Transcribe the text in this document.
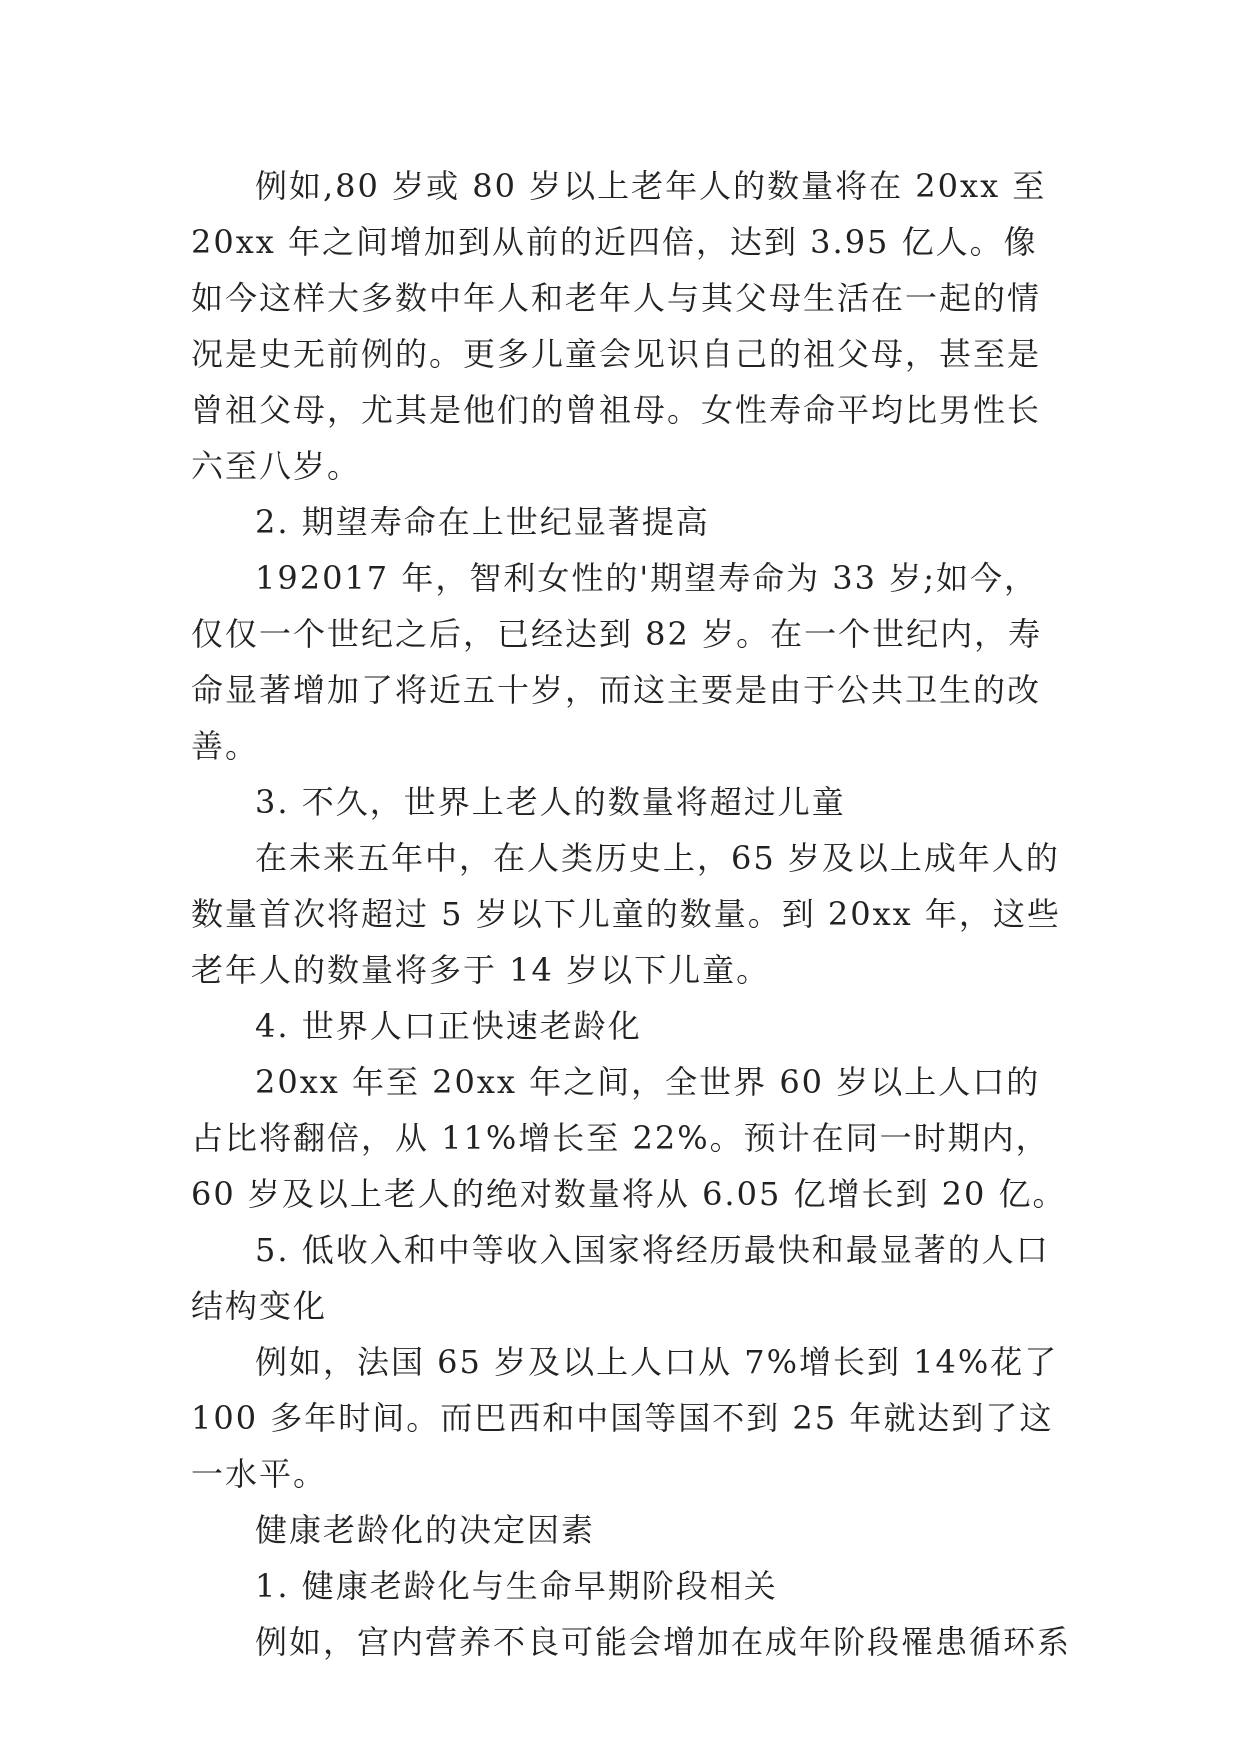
例如,80 岁或 80 岁以上老年人的数量将在 20xx 至 20xx 年之间增加到从前的近四倍，达到 3.95 亿人。像如今这样大多数中年人和老年人与其父母生活在一起的情况是史无前例的。更多儿童会见识自己的祖父母，甚至是曾祖父母，尤其是他们的曾祖母。女性寿命平均比男性长六至八岁。

2. 期望寿命在上世纪显著提高

192017 年，智利女性的'期望寿命为 33 岁;如今，仅仅一个世纪之后，已经达到 82 岁。在一个世纪内，寿命显著增加了将近五十岁，而这主要是由于公共卫生的改善。

3. 不久，世界上老人的数量将超过儿童

在未来五年中，在人类历史上，65 岁及以上成年人的数量首次将超过 5 岁以下儿童的数量。到 20xx 年，这些老年人的数量将多于 14 岁以下儿童。

4. 世界人口正快速老龄化

20xx 年至 20xx 年之间，全世界 60 岁以上人口的占比将翻倍，从 11%增长至 22%。预计在同一时期内，60 岁及以上老人的绝对数量将从 6.05 亿增长到 20 亿。

5. 低收入和中等收入国家将经历最快和最显著的人口结构变化

例如，法国 65 岁及以上人口从 7%增长到 14%花了 100 多年时间。而巴西和中国等国不到 25 年就达到了这一水平。

健康老龄化的决定因素

1. 健康老龄化与生命早期阶段相关

例如，宫内营养不良可能会增加在成年阶段罹患循环系
